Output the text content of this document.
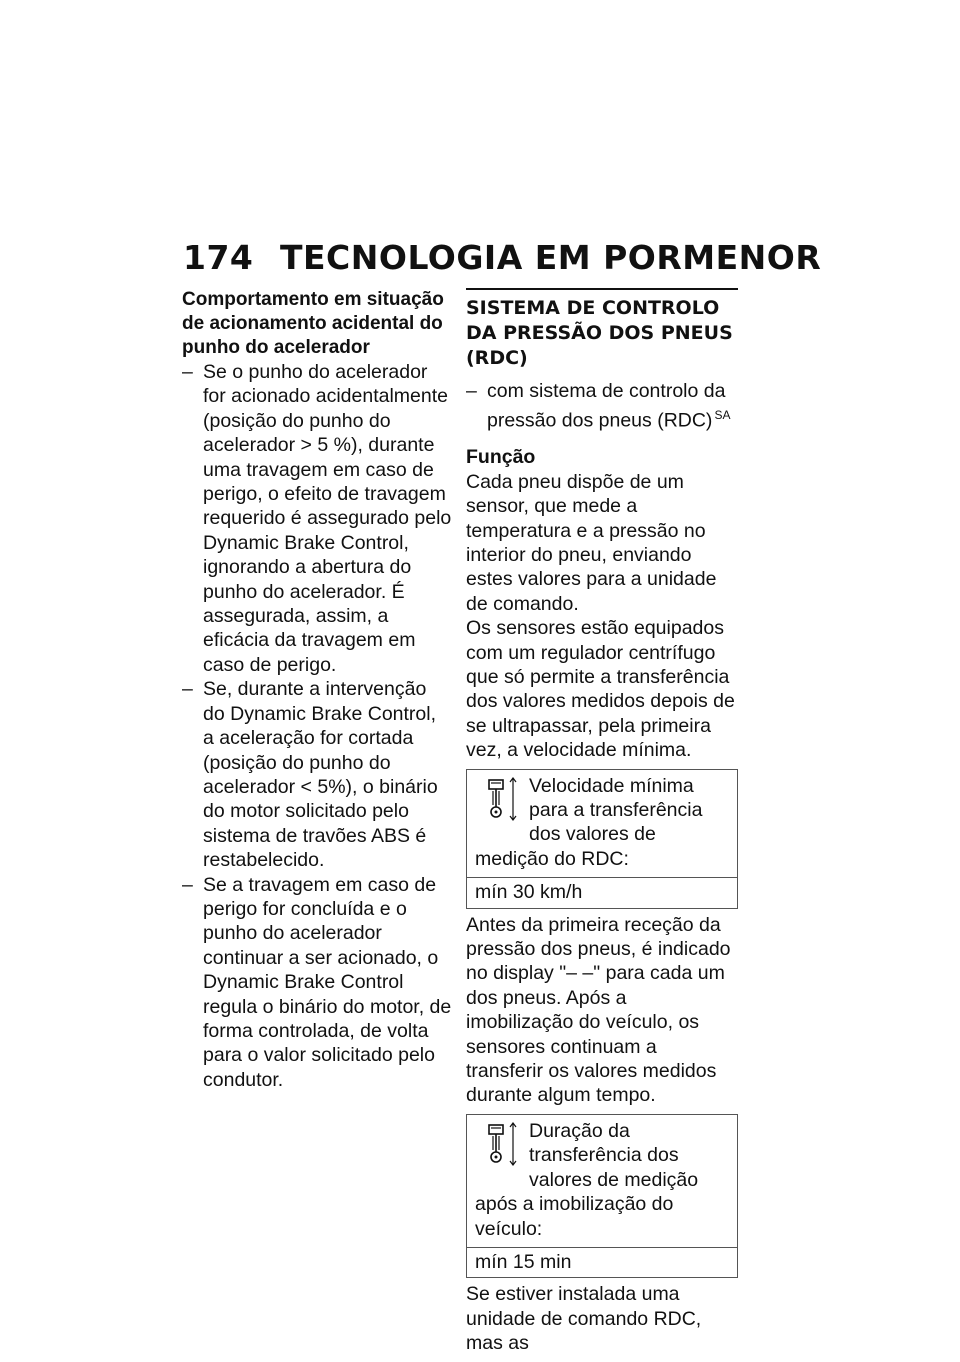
174 TECNOLOGIA EM PORMENOR

Comportamento em situação de acionamento acidental do punho do acelerador

– Se o punho do acelerador for acionado acidentalmente (posição do punho do acelerador > 5 %), durante uma travagem em caso de perigo, o efeito de travagem requerido é assegurado pelo Dynamic Brake Control, ignorando a abertura do punho do acelerador. É assegurada, assim, a eficácia da travagem em caso de perigo.
– Se, durante a intervenção do Dynamic Brake Control, a aceleração for cortada (posição do punho do acelerador < 5%), o binário do motor solicitado pelo sistema de travões ABS é restabelecido.
– Se a travagem em caso de perigo for concluída e o punho do acelerador continuar a ser acionado, o Dynamic Brake Control regula o binário do motor, de forma controlada, de volta para o valor solicitado pelo condutor.
SISTEMA DE CONTROLO DA PRESSÃO DOS PNEUS (RDC)
– com sistema de controlo da pressão dos pneus (RDC) $^{SA}$
Função

Cada pneu dispõe de um sensor, que mede a temperatura e a pressão no interior do pneu, enviando estes valores para a unidade de comando.

Os sensores estão equipados com um regulador centrífugo que só permite a transferência dos valores medidos depois de se ultrapassar, pela primeira vez, a velocidade mínima.

Velocidade mínima para a transferência dos valores de medição do RDC:
mín 30 km/h

Antes da primeira receção da pressão dos pneus, é indicado no display "– –" para cada um dos pneus. Após a imobilização do veículo, os sensores continuam a transferir os valores medidos durante algum tempo.

Duração da transferência dos valores de medição após a imobilização do veículo:
mín 15 min

Se estiver instalada uma unidade de comando RDC, mas as
